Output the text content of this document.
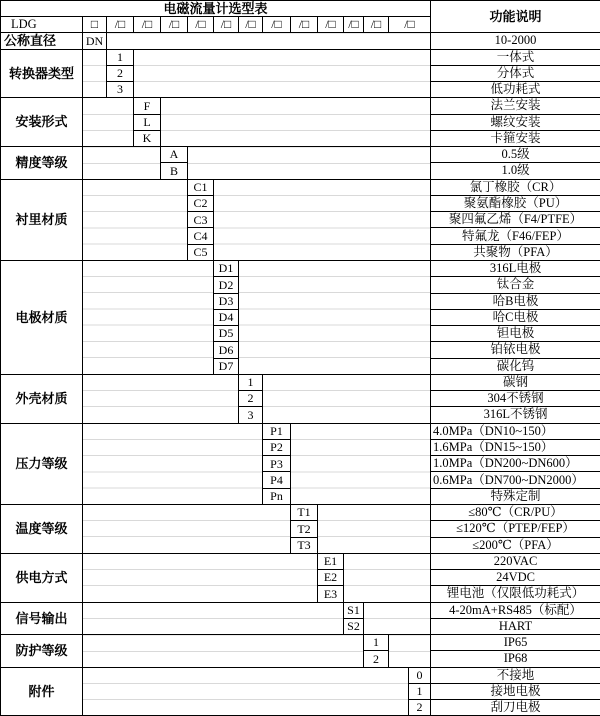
电磁流量计选型表															功能说明
LDG	□	/□	/□	/□	/□	/□	/□	/□	/□	/□	/□	/□	/□		
公称直径	DN														10-2000
转换器类型		1													一体式
		2													分体式
		3													低功耗式
安装形式			F												法兰安装
			L												螺纹安装
			K												卡箍安装
精度等级				A											0.5级
				B											1.0级
衬里材质					C1										氯丁橡胶（CR）
					C2										聚氨酯橡胶（PU）
					C3										聚四氟乙烯（F4/PTFE）
					C4										特氟龙（F46/FEP）
					C5										共聚物（PFA）
电极材质						D1									316L电极
						D2									钛合金
						D3									哈B电极
						D4									哈C电极
						D5									钽电极
						D6									铂铱电极
						D7									碳化钨
外壳材质							1								碳钢
							2								304不锈钢
							3								316L不锈钢
压力等级								P1							4.0MPa（DN10~150）
								P2							1.6MPa（DN15~150）
								P3							1.0MPa（DN200~DN600）
								P4							0.6MPa（DN700~DN2000）
								Pn							特殊定制
温度等级									T1						≤80℃（CR/PU）
									T2						≤120℃（PTEP/FEP）
									T3						≤200℃（PFA）
供电方式										E1					220VAC
										E2					24VDC
										E3					锂电池（仅限低功耗式）
信号输出											S1				4-20mA+RS485（标配）
											S2				HART
防护等级												1			IP65
												2			IP68
附件														0	不接地
														1	接地电极
														2	刮刀电极
